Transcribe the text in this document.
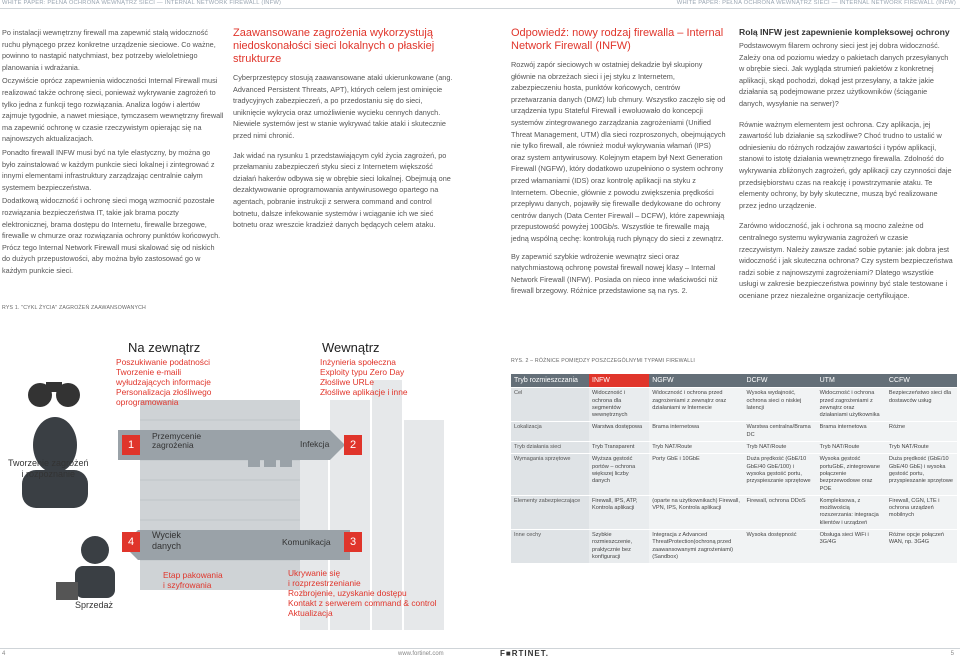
WHITE PAPER: PEŁNA OCHRONA WEWNĄTRZ SIECI — INTERNAL NETWORK FIREWALL (INFW)	WHITE PAPER: PEŁNA OCHRONA WEWNĄTRZ SIECI — INTERNAL NETWORK FIREWALL (INFW)

Po instalacji wewnętrzny firewall ma zapewnić stałą widoczność ruchu płynącego przez konkretne urządzenie sieciowe. Co ważne, powinno to nastąpić natychmiast, bez potrzeby wieloletniego planowania i wdrażania.

Oczywiście oprócz zapewnienia widoczności Internal Firewall musi realizować także ochronę sieci, ponieważ wykrywanie zagrożeń to tylko jedna z funkcji tego rozwiązania. Analiza logów i alertów zajmuje tygodnie, a nawet miesiące, tymczasem wewnętrzny firewall ma zapewnić ochronę w czasie rzeczywistym opierając się na najnowszych aktualizacjach.

Ponadto firewall INFW musi być na tyle elastyczny, by można go było zainstalować w każdym punkcie sieci lokalnej i zintegrować z innymi elementami infrastruktury zarządzając centralnie całym systemem bezpieczeństwa.

Dodatkową widoczność i ochronę sieci mogą wzmocnić pozostałe rozwiązania bezpieczeństwa IT, takie jak brama poczty elektronicznej, brama dostępu do Internetu, firewalle brzegowe, firewalle w chmurze oraz rozwiązania ochrony punktów końcowych. Prócz tego Internal Network Firewall musi skalować się od niskich do dużych przepustowości, aby można było zastosować go w każdym punkcie sieci.

RYS 1. "CYKL ŻYCIA" ZAGROŻEŃ ZAAWANSOWANYCH
Zaawansowane zagrożenia wykorzystują niedoskonałości sieci lokalnych o płaskiej strukturze

Cyberprzestępcy stosują zaawansowane ataki ukierunkowane (ang. Advanced Persistent Threats, APT), których celem jest ominięcie tradycyjnych zabezpieczeń, a po przedostaniu się do sieci, uniknięcie wykrycia oraz umożliwienie wycieku cennych danych. Niewiele systemów jest w stanie wykrywać takie ataki i skutecznie przed nimi chronić.

Jak widać na rysunku 1 przedstawiającym cykl życia zagrożeń, po przełamaniu zabezpieczeń styku sieci z Internetem większość działań hakerów odbywa się w obrębie sieci lokalnej. Obejmują one dezaktywowanie oprogramowania antywirusowego opartego na agentach, pobranie instrukcji z serwera command and control botnetu, dalsze infekowanie systemów i wciąganie ich we sieć botnetu oraz wreszcie kradzież danych będących celem ataku.

Odpowiedź: nowy rodzaj firewalla – Internal Network Firewall (INFW)

Rozwój zapór sieciowych w ostatniej dekadzie był skupiony głównie na obrzeżach sieci i jej styku z Internetem, zabezpieczeniu hosta, punktów końcowych, centrów przetwarzania danych (DMZ) lub chmury. Wszystko zaczęło się od urządzenia typu Stateful Firewall i ewoluowało do koncepcji systemów zintegrowanego zarządzania zagrożeniami (Unified Threat Management, UTM) dla sieci rozproszonych, obejmujących nie tylko firewall, ale również moduł wykrywania włamań (IPS) oraz system antywirusowy. Kolejnym etapem był Next Generation Firewall (NGFW), który dodatkowo uzupełniono o system ochrony przed włamaniami (IDS) oraz kontrolę aplikacji na styku z Internetem. Obecnie, głównie z powodu zwiększenia prędkości przepływu danych, pojawiły się firewalle dedykowane do ochrony centrów danych (Data Center Firewall – DCFW), które zapewniają przepustowość powyżej 100Gb/s. Wszystkie te firewalle mają jedną wspólną cechę: kontrolują ruch płynący do sieci z zewnątrz.

By zapewnić szybkie wdrożenie wewnątrz sieci oraz natychmiastową ochronę powstał firewall nowej klasy – Internal Network Firewall (INFW). Posiada on nieco inne właściwości niż firewall brzegowy. Różnice przedstawione są na rys. 2.

RYS. 2 – RÓŻNICE POMIĘDZY POSZCZEGÓLNYMI TYPAMI FIREWALLI
Rolą INFW jest zapewnienie kompleksowej ochrony

Podstawowym filarem ochrony sieci jest jej dobra widoczność. Zależy ona od poziomu wiedzy o pakietach danych przesyłanych w obrębie sieci. Jak wygląda strumień pakietów z konkretnej aplikacji, skąd pochodzi, dokąd jest przesyłany, a także jakie działania są podejmowane przez użytkowników (ściąganie danych, wysyłanie na serwer)?

Równie ważnym elementem jest ochrona. Czy aplikacja, jej zawartość lub działanie są szkodliwe? Choć trudno to ustalić w odniesieniu do różnych rodzajów zawartości i typów aplikacji, stanowi to istotę działania wewnętrznego firewalla. Zdolność do wykrywania zbliżonych zagrożeń, gdy aplikacji czy czynności daje przedsiębiorstwu czas na reakcję i powstrzymanie ataku. Te elementy ochrony, by były skuteczne, muszą być realizowane przez jedno urządzenie.

Zarówno widoczność, jak i ochrona są mocno zależne od centralnego systemu wykrywania zagrożeń w czasie rzeczywistym. Należy zawsze zadać sobie pytanie: jak dobra jest widoczność i jak skuteczna ochrona? Czy system bezpieczeństwa radzi sobie z najnowszymi zagrożeniami? Dlatego wszystkie usługi w zakresie bezpieczeństwa powinny być stale testowane i oceniane przez niezależne organizacje certyfikujące.

Na zewnątrz	Wewnątrz
Poszukiwanie podatności
Tworzenie e-maili
wyłudzających informacje
Personalizacja złośliwego
oprogramowania
Inżynieria społeczna
Exploity typu Zero Day
Złośliwe URLe
Złośliwe aplikacje i inne
Tworzenie zagrożeń
i rozpoznanie
Sprzedaż
1
Przemycenie
zagrożenia	2
Infekcja
3
Komunikacja
4
Wyciek
danych
Etap pakowania
i szyfrowania
Ukrywanie się
i rozprzestrzenianie
Rozbrojenie, uzyskanie dostępu
Kontakt z serwerem command & control
Aktualizacja
Tryb rozmieszczania	INFW	NGFW	DCFW	UTM	CCFW
Cel	Widoczność i ochrona dla segmentów wewnętrznych	Widoczność i ochrona przed zagrożeniami z zewnątrz oraz działaniami w Internecie	Wysoka wydajność, ochrona sieci o niskiej latencji	Widoczność i ochrona przed zagrożeniami z zewnątrz oraz działaniami użytkownika	Bezpieczeństwo sieci dla dostawców usług
Lokalizacja	Warstwa dostępowa	Brama internetowa	Warstwa centralna/Brama DC	Brama internetowa	Różne
Tryb działania sieci	Tryb Transparent	Tryb NAT/Route	Tryb NAT/Route	Tryb NAT/Route	Tryb NAT/Route
Wymagania sprzętowe	Wyższa gęstość portów – ochrona większej liczby danych	Porty GbE i 10GbE	Duża prędkość (GbE/10 GbE/40 GbE/100) i wysoka gęstość portu, przyspieszanie sprzętowe	Wysoka gęstość portuGbE, zintegrowane połączenie bezprzewodowe oraz POE	Duża prędkość (GbE/10 GbE/40 GbE) i wysoka gęstość portu, przyspieszanie sprzętowe
Elementy zabezpieczające	Firewall, IPS, ATP, Kontrola aplikacji	(oparte na użytkownikach) Firewall, VPN, IPS, Kontrola aplikacji	Firewall, ochrona DDoS	Kompleksowa, z możliwością rozszerzania: integracja klientów i urządzeń	Firewall, CGN, LTE i ochrona urządzeń mobilnych
Inne cechy	Szybkie rozmieszczenie, praktycznie bez konfiguracji	Integracja z Advanced ThreatProtection(ochroną przed zaawansowanymi zagrożeniami) (Sandbox)	Wysoka dostępność	Obsługa sieci WiFi i 3G/4G	Różne opcje połączeń WAN, np. 3G4G
4	www.fortinet.com	F■RTINET.	5
